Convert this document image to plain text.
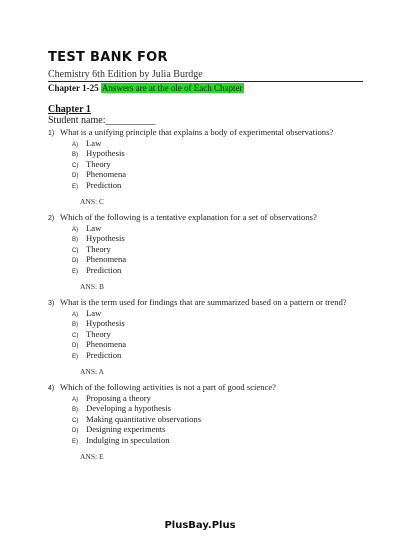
TEST BANK FOR
Chemistry 6th Edition by Julia Burdge
Chapter 1-25 Answers are at the ole of Each Chapter
Chapter 1
Student name:__________
1) What is a unifying principle that explains a body of experimental observations?
A) Law
B) Hypothesis
C) Theory
D) Phenomena
E) Prediction
ANS: C
2) Which of the following is a tentative explanation for a set of observations?
A) Law
B) Hypothesis
C) Theory
D) Phenomena
E) Prediction
ANS: B
3) What is the term used for findings that are summarized based on a pattern or trend?
A) Law
B) Hypothesis
C) Theory
D) Phenomena
E) Prediction
ANS: A
4) Which of the following activities is not a part of good science?
A) Proposing a theory
B) Developing a hypothesis
C) Making quantitative observations
D) Designing experiments
E) Indulging in speculation
ANS: E
PlusBay.Plus
